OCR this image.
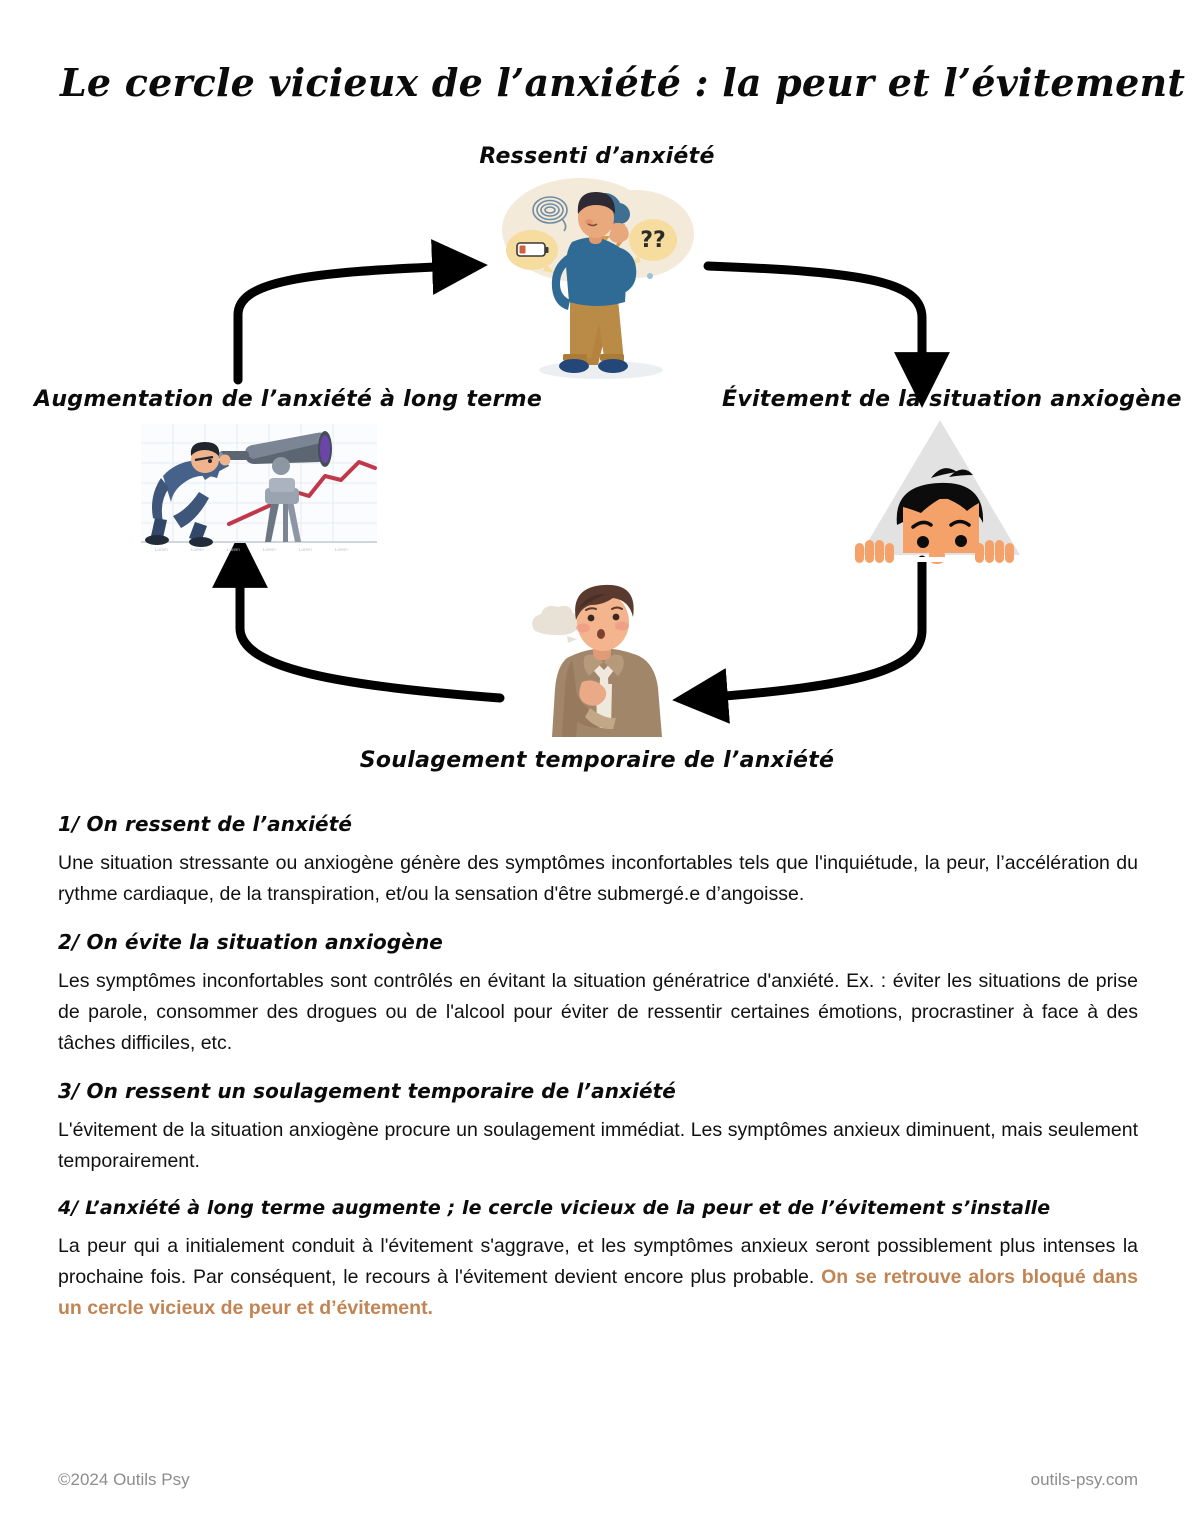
Le cercle vicieux de l’anxiété : la peur et l’évitement
Ressenti d’anxiété
Évitement de la situation anxiogène
Augmentation de l’anxiété à long terme
Soulagement temporaire de l’anxiété
??
Lorem	Lorem	Lorem	Lorem	Lorem	Lorem
1/ On ressent de l’anxiété
Une situation stressante ou anxiogène génère des symptômes inconfortables tels que l'inquiétude, la peur, l’accélération du rythme cardiaque, de la transpiration, et/ou la sensation d'être submergé.e d’angoisse.
2/ On évite la situation anxiogène
Les symptômes inconfortables sont contrôlés en évitant la situation génératrice d'anxiété. Ex. : éviter les situations de prise de parole, consommer des drogues ou de l'alcool pour éviter de ressentir certaines émotions, procrastiner à face à des tâches difficiles, etc.
3/ On ressent un soulagement temporaire de l’anxiété
L'évitement de la situation anxiogène procure un soulagement immédiat. Les symptômes anxieux diminuent, mais seulement temporairement.
4/ L’anxiété à long terme augmente ; le cercle vicieux de la peur et de l’évitement s’installe
La peur qui a initialement conduit à l'évitement s'aggrave, et les symptômes anxieux seront possiblement plus intenses la prochaine fois. Par conséquent, le recours à l'évitement devient encore plus probable. On se retrouve alors bloqué dans un cercle vicieux de peur et d’évitement.
©2024 Outils Psy	outils-psy.com
